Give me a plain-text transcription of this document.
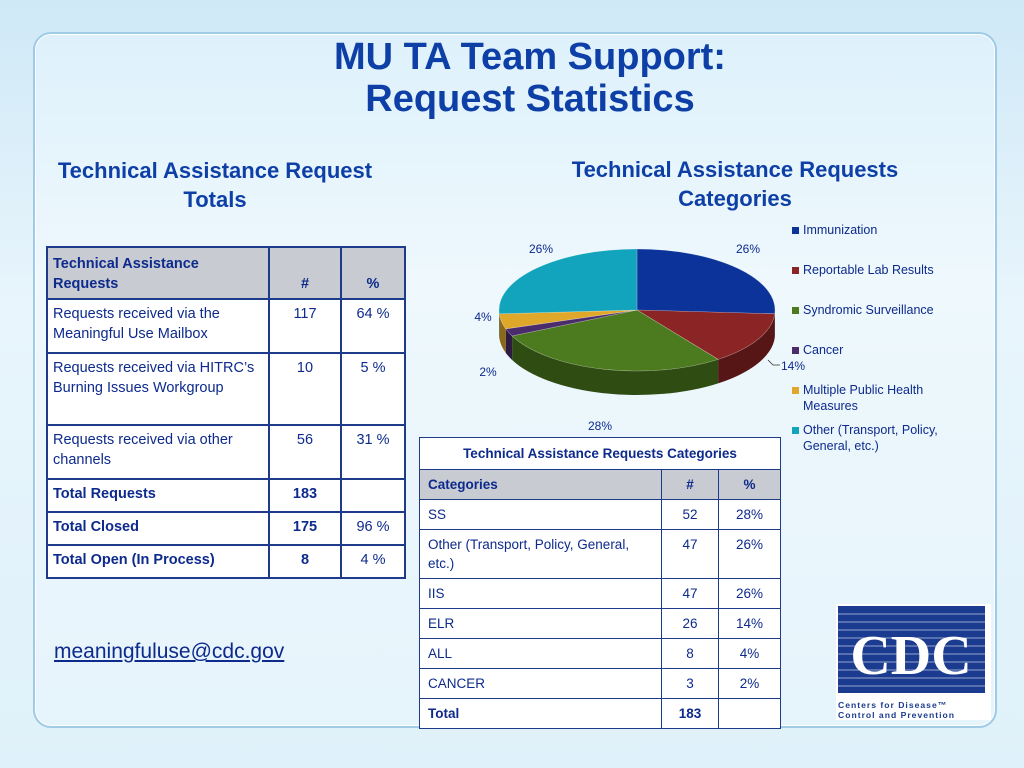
MU TA Team Support:
Request Statistics
Technical Assistance Request
Totals
Technical Assistance Requests
Categories
Technical Assistance Requests	#	%
Requests received via the Meaningful Use Mailbox	117	64 %
Requests received via HITRC’s Burning Issues Workgroup	10	5 %
Requests received via other channels	56	31 %
Total Requests	183	
Total Closed	175	96 %
Total Open (In Process)	8	4 %
26%
14%
28%
2%
4%
26%
Immunization
Reportable Lab Results
Syndromic Surveillance
Cancer
Multiple Public Health Measures
Other (Transport, Policy, General, etc.)
Technical Assistance Requests Categories		
Categories	#	%
SS	52	28%
Other (Transport, Policy, General, etc.)	47	26%
IIS	47	26%
ELR	26	14%
ALL	8	4%
CANCER	3	2%
Total	183	
meaningfuluse@cdc.gov	CDC
Centers for Disease™
Control and Prevention
